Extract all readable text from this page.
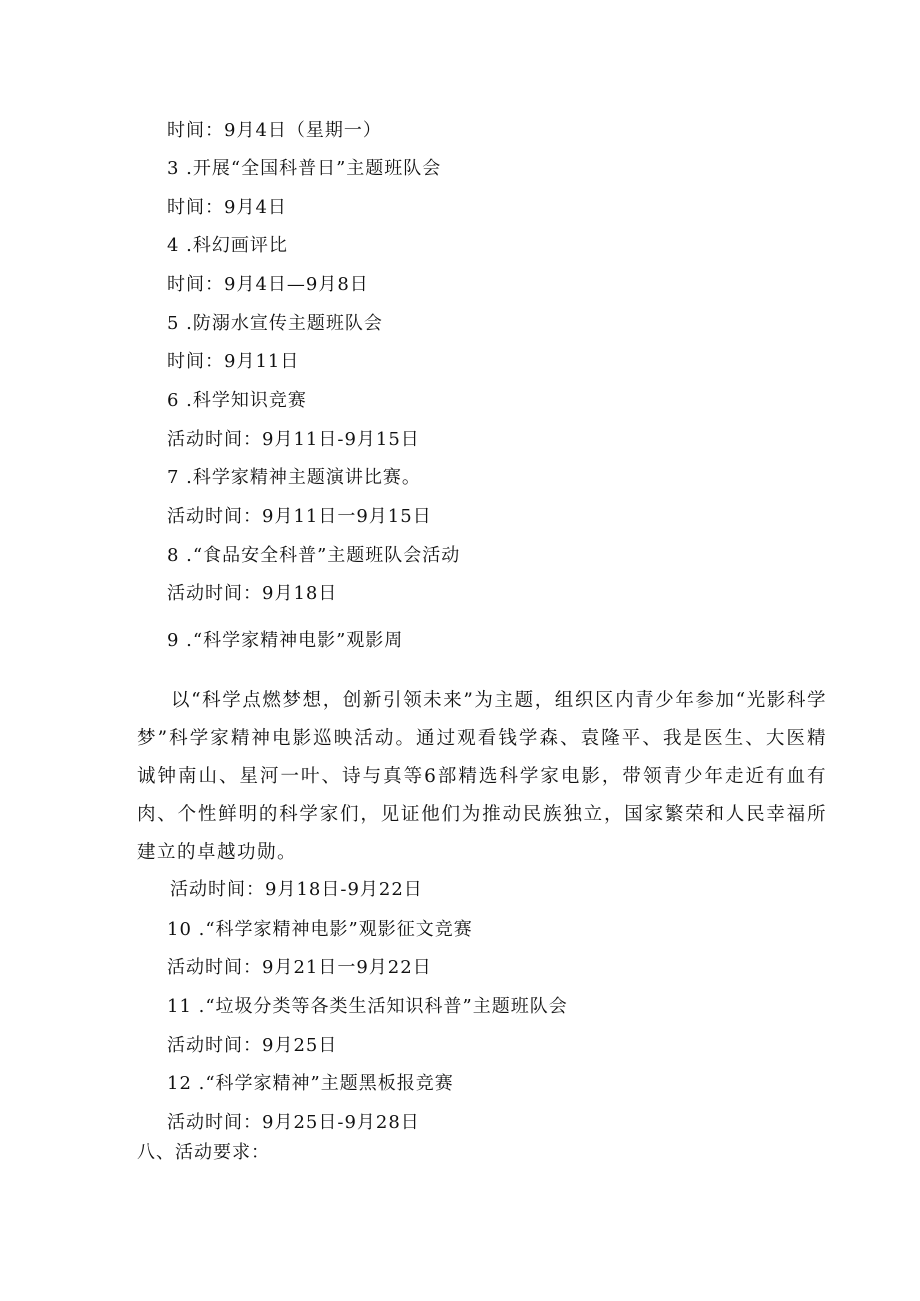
时间：9月4日（星期一）
3 .开展“全国科普日”主题班队会
时间：9月4日
4 .科幻画评比
时间：9月4日—9月8日
5 .防溺水宣传主题班队会
时间：9月11日
6 .科学知识竞赛
活动时间：9月11日-9月15日
7 .科学家精神主题演讲比赛。
活动时间：9月11日一9月15日
8 .“食品安全科普”主题班队会活动
活动时间：9月18日
9 .“科学家精神电影”观影周

以“科学点燃梦想，创新引领未来”为主题，组织区内青少年参加“光影科学梦”科学家精神电影巡映活动。通过观看钱学森、袁隆平、我是医生、大医精诚钟南山、星河一叶、诗与真等6部精选科学家电影，带领青少年走近有血有肉、个性鲜明的科学家们，见证他们为推动民族独立，国家繁荣和人民幸福所建立的卓越功勋。

活动时间：9月18日-9月22日
10 .“科学家精神电影”观影征文竞赛
活动时间：9月21日一9月22日
11 .“垃圾分类等各类生活知识科普”主题班队会
活动时间：9月25日
12 .“科学家精神”主题黑板报竞赛
活动时间：9月25日-9月28日
八、活动要求：
